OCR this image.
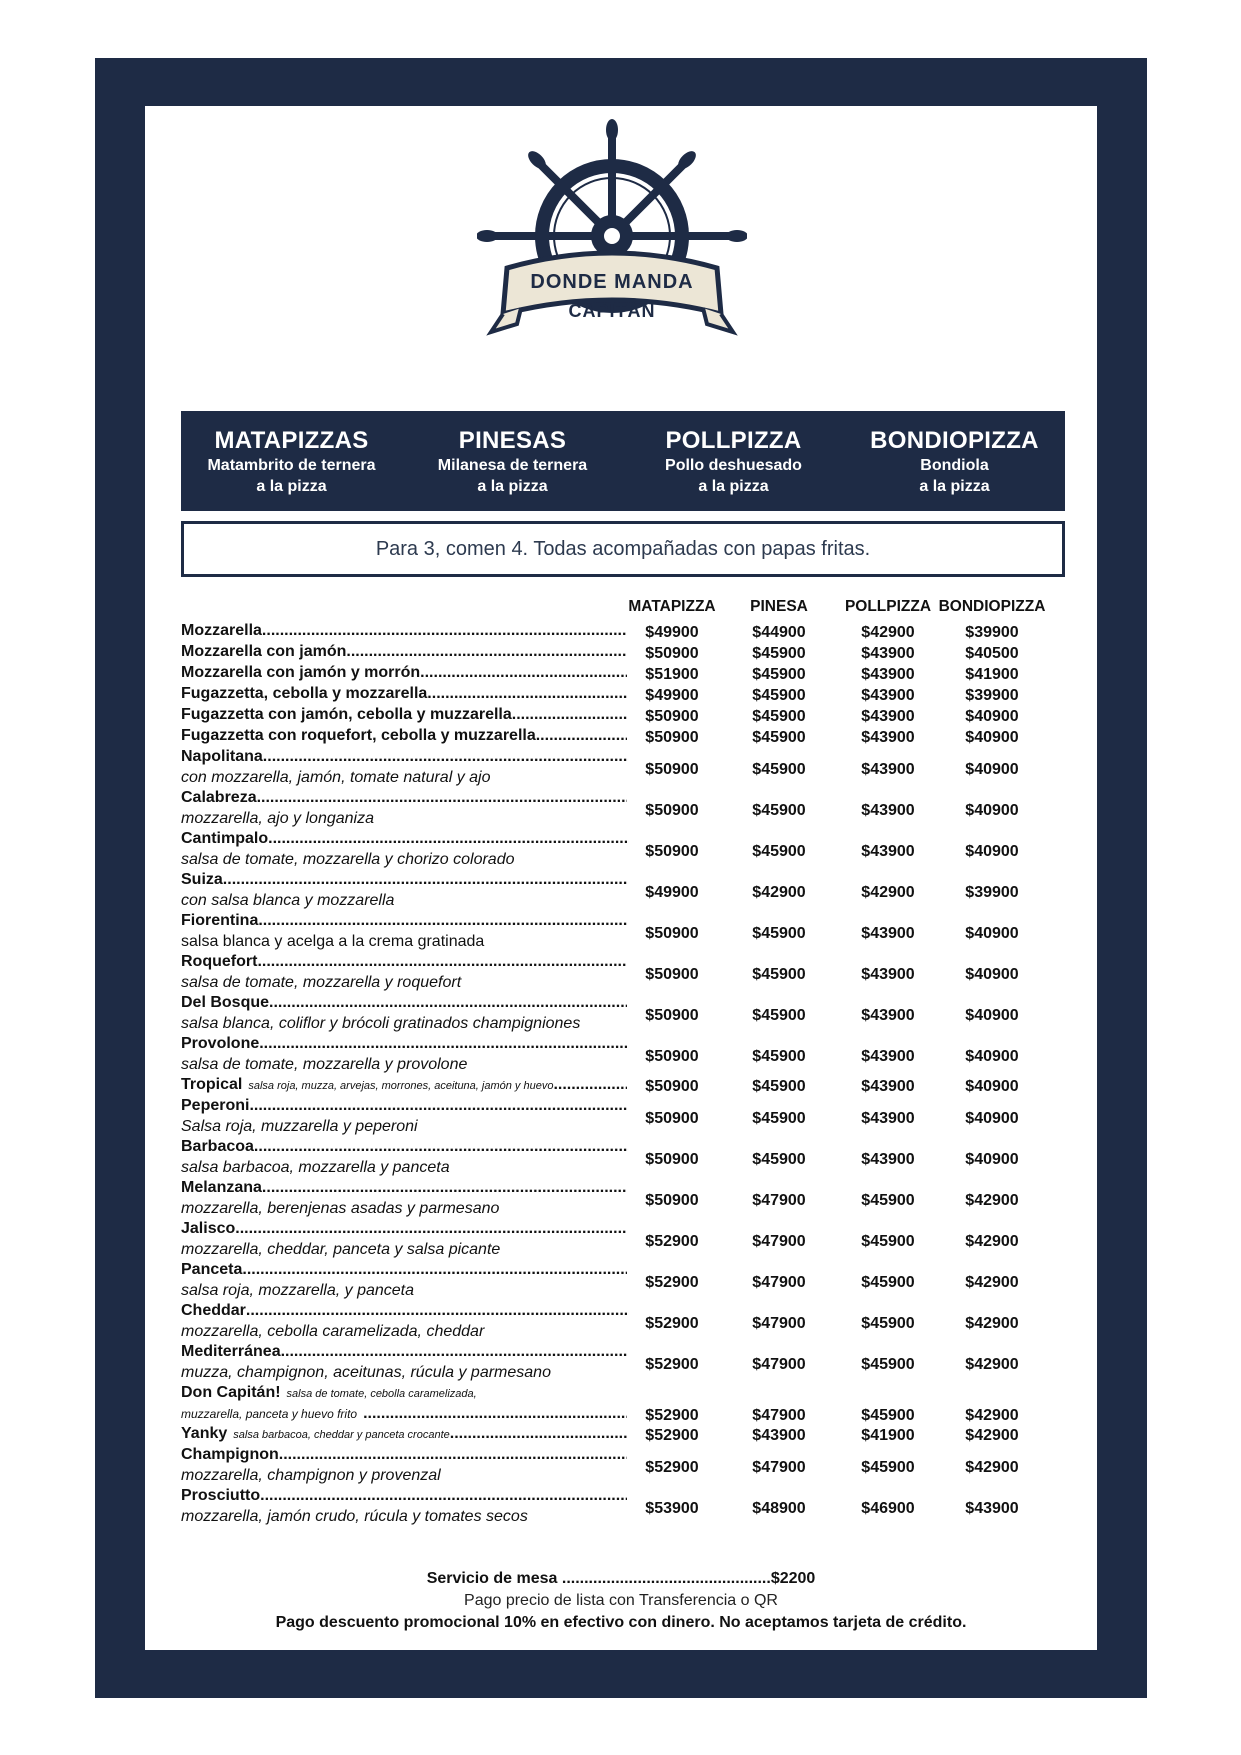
DONDE MANDA
CAPITÁN
MATAPIZZAS
Matambrito de ternera
a la pizza
PINESAS
Milanesa de ternera
a la pizza
POLLPIZZA
Pollo deshuesado
a la pizza
BONDIOPIZZA
Bondiola
a la pizza
Para 3, comen 4. Todas acompañadas con papas fritas.
MATAPIZZA	PINESA	POLLPIZZA BONDIOPIZZA
Mozzarella .....	$49900	$44900	$42900	$39900
Mozzarella con jamón .....	$50900	$45900	$43900	$40500
Mozzarella con jamón y morrón .....	$51900	$45900	$43900	$41900
Fugazzetta, cebolla y mozzarella .....	$49900	$45900	$43900	$39900
Fugazzetta con jamón, cebolla y muzzarella .....	$50900	$45900	$43900	$40900
Fugazzetta con roquefort, cebolla y muzzarella .....	$50900	$45900	$43900	$40900
Napolitana
.....
con mozzarella, jamón, tomate natural y ajo	$50900	$45900	$43900	$40900
Calabreza
.....
mozzarella, ajo y longaniza	$50900	$45900	$43900	$40900
Cantimpalo
.....
salsa de tomate, mozzarella y chorizo colorado	$50900	$45900	$43900	$40900
Suiza
.....
con salsa blanca y mozzarella	$49900	$42900	$42900	$39900
Fiorentina
.....
salsa blanca y acelga a la crema gratinada	$50900	$45900	$43900	$40900
Roquefort
.....
salsa de tomate, mozzarella y roquefort	$50900	$45900	$43900	$40900
Del Bosque
.....
salsa blanca, coliflor y brócoli gratinados champigniones	$50900	$45900	$43900	$40900
Provolone
.....
salsa de tomate, mozzarella y provolone	$50900	$45900	$43900	$40900
Tropical salsa roja, muzza, arvejas, morrones, aceituna, jamón y huevo .....	$50900	$45900	$43900	$40900
Peperoni
.....
Salsa roja, muzzarella y peperoni	$50900	$45900	$43900	$40900
Barbacoa
.....
salsa barbacoa, mozzarella y panceta	$50900	$45900	$43900	$40900
Melanzana
.....
mozzarella, berenjenas asadas y parmesano	$50900	$47900	$45900	$42900
Jalisco
.....
mozzarella, cheddar, panceta y salsa picante	$52900	$47900	$45900	$42900
Panceta
.....
salsa roja, mozzarella, y panceta	$52900	$47900	$45900	$42900
Cheddar
.....
mozzarella, cebolla caramelizada, cheddar	$52900	$47900	$45900	$42900
Mediterránea
.....
muzza, champignon, aceitunas, rúcula y parmesano	$52900	$47900	$45900	$42900
Don Capitán! salsa de tomate, cebolla caramelizada,
muzzarella, panceta y huevo frito .....	$52900	$47900	$45900	$42900
Yanky salsa barbacoa, cheddar y panceta crocante .....	$52900	$43900	$41900	$42900
Champignon
.....
mozzarella, champignon y provenzal	$52900	$47900	$45900	$42900
Prosciutto
.....
mozzarella, jamón crudo, rúcula y tomates secos	$53900	$48900	$46900	$43900
Servicio de mesa ...............................................$2200
Pago precio de lista con Transferencia o QR
Pago descuento promocional 10% en efectivo con dinero. No aceptamos tarjeta de crédito.
